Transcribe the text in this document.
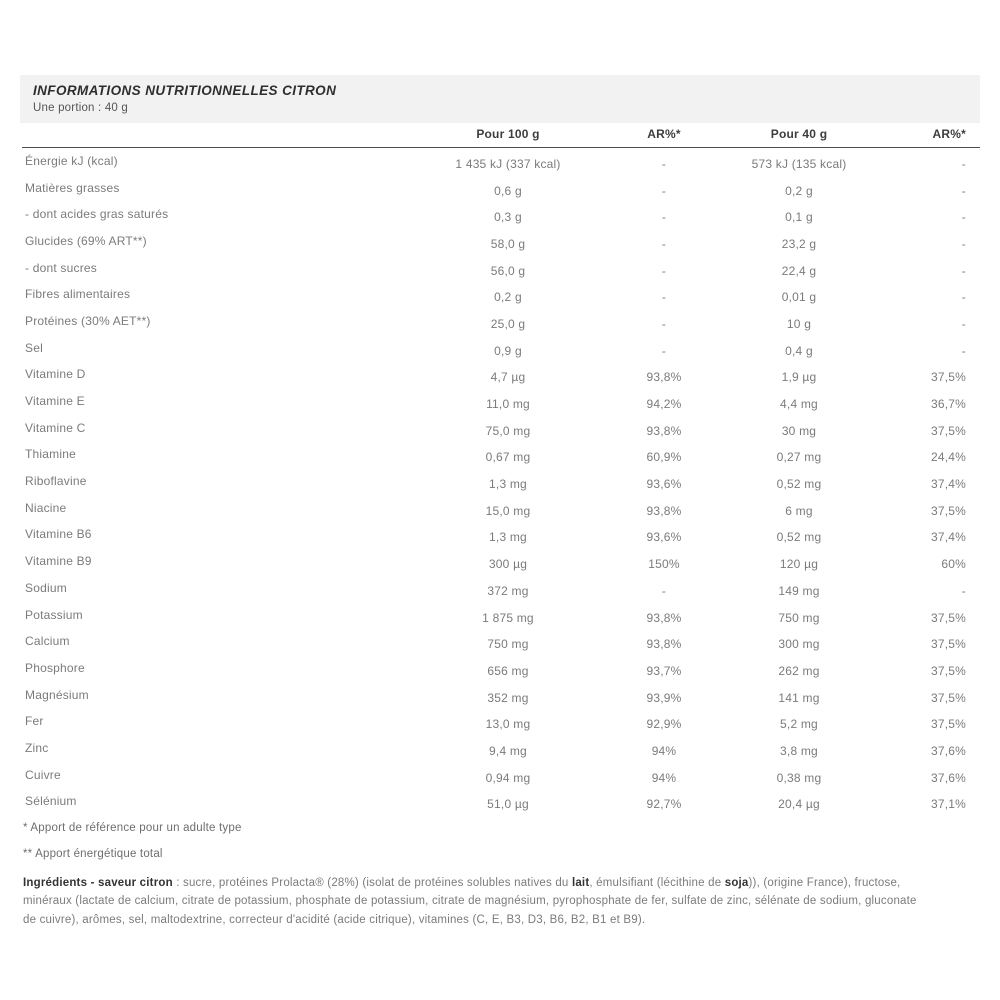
INFORMATIONS NUTRITIONNELLES CITRON
Une portion : 40 g
	Pour 100 g	AR%*	Pour 40 g	AR%*
Énergie kJ (kcal)	1 435 kJ (337 kcal)	-	573 kJ (135 kcal)	-
Matières grasses	0,6 g	-	0,2 g	-
- dont acides gras saturés	0,3 g	-	0,1 g	-
Glucides (69% ART**)	58,0 g	-	23,2 g	-
- dont sucres	56,0 g	-	22,4 g	-
Fibres alimentaires	0,2 g	-	0,01 g	-
Protéines (30% AET**)	25,0 g	-	10 g	-
Sel	0,9 g	-	0,4 g	-
Vitamine D	4,7 µg	93,8%	1,9 µg	37,5%
Vitamine E	11,0 mg	94,2%	4,4 mg	36,7%
Vitamine C	75,0 mg	93,8%	30 mg	37,5%
Thiamine	0,67 mg	60,9%	0,27 mg	24,4%
Riboflavine	1,3 mg	93,6%	0,52 mg	37,4%
Niacine	15,0 mg	93,8%	6 mg	37,5%
Vitamine B6	1,3 mg	93,6%	0,52 mg	37,4%
Vitamine B9	300 µg	150%	120 µg	60%
Sodium	372 mg	-	149 mg	-
Potassium	1 875 mg	93,8%	750 mg	37,5%
Calcium	750 mg	93,8%	300 mg	37,5%
Phosphore	656 mg	93,7%	262 mg	37,5%
Magnésium	352 mg	93,9%	141 mg	37,5%
Fer	13,0 mg	92,9%	5,2 mg	37,5%
Zinc	9,4 mg	94%	3,8 mg	37,6%
Cuivre	0,94 mg	94%	0,38 mg	37,6%
Sélénium	51,0 µg	92,7%	20,4 µg	37,1%
* Apport de référence pour un adulte type
** Apport énergétique total

Ingrédients - saveur citron : sucre, protéines Prolacta® (28%) (isolat de protéines solubles natives du lait, émulsifiant (lécithine de soja)), (origine France), fructose, minéraux (lactate de calcium, citrate de potassium, phosphate de potassium, citrate de magnésium, pyrophosphate de fer, sulfate de zinc, sélénate de sodium, gluconate de cuivre), arômes, sel, maltodextrine, correcteur d'acidité (acide citrique), vitamines (C, E, B3, D3, B6, B2, B1 et B9).
